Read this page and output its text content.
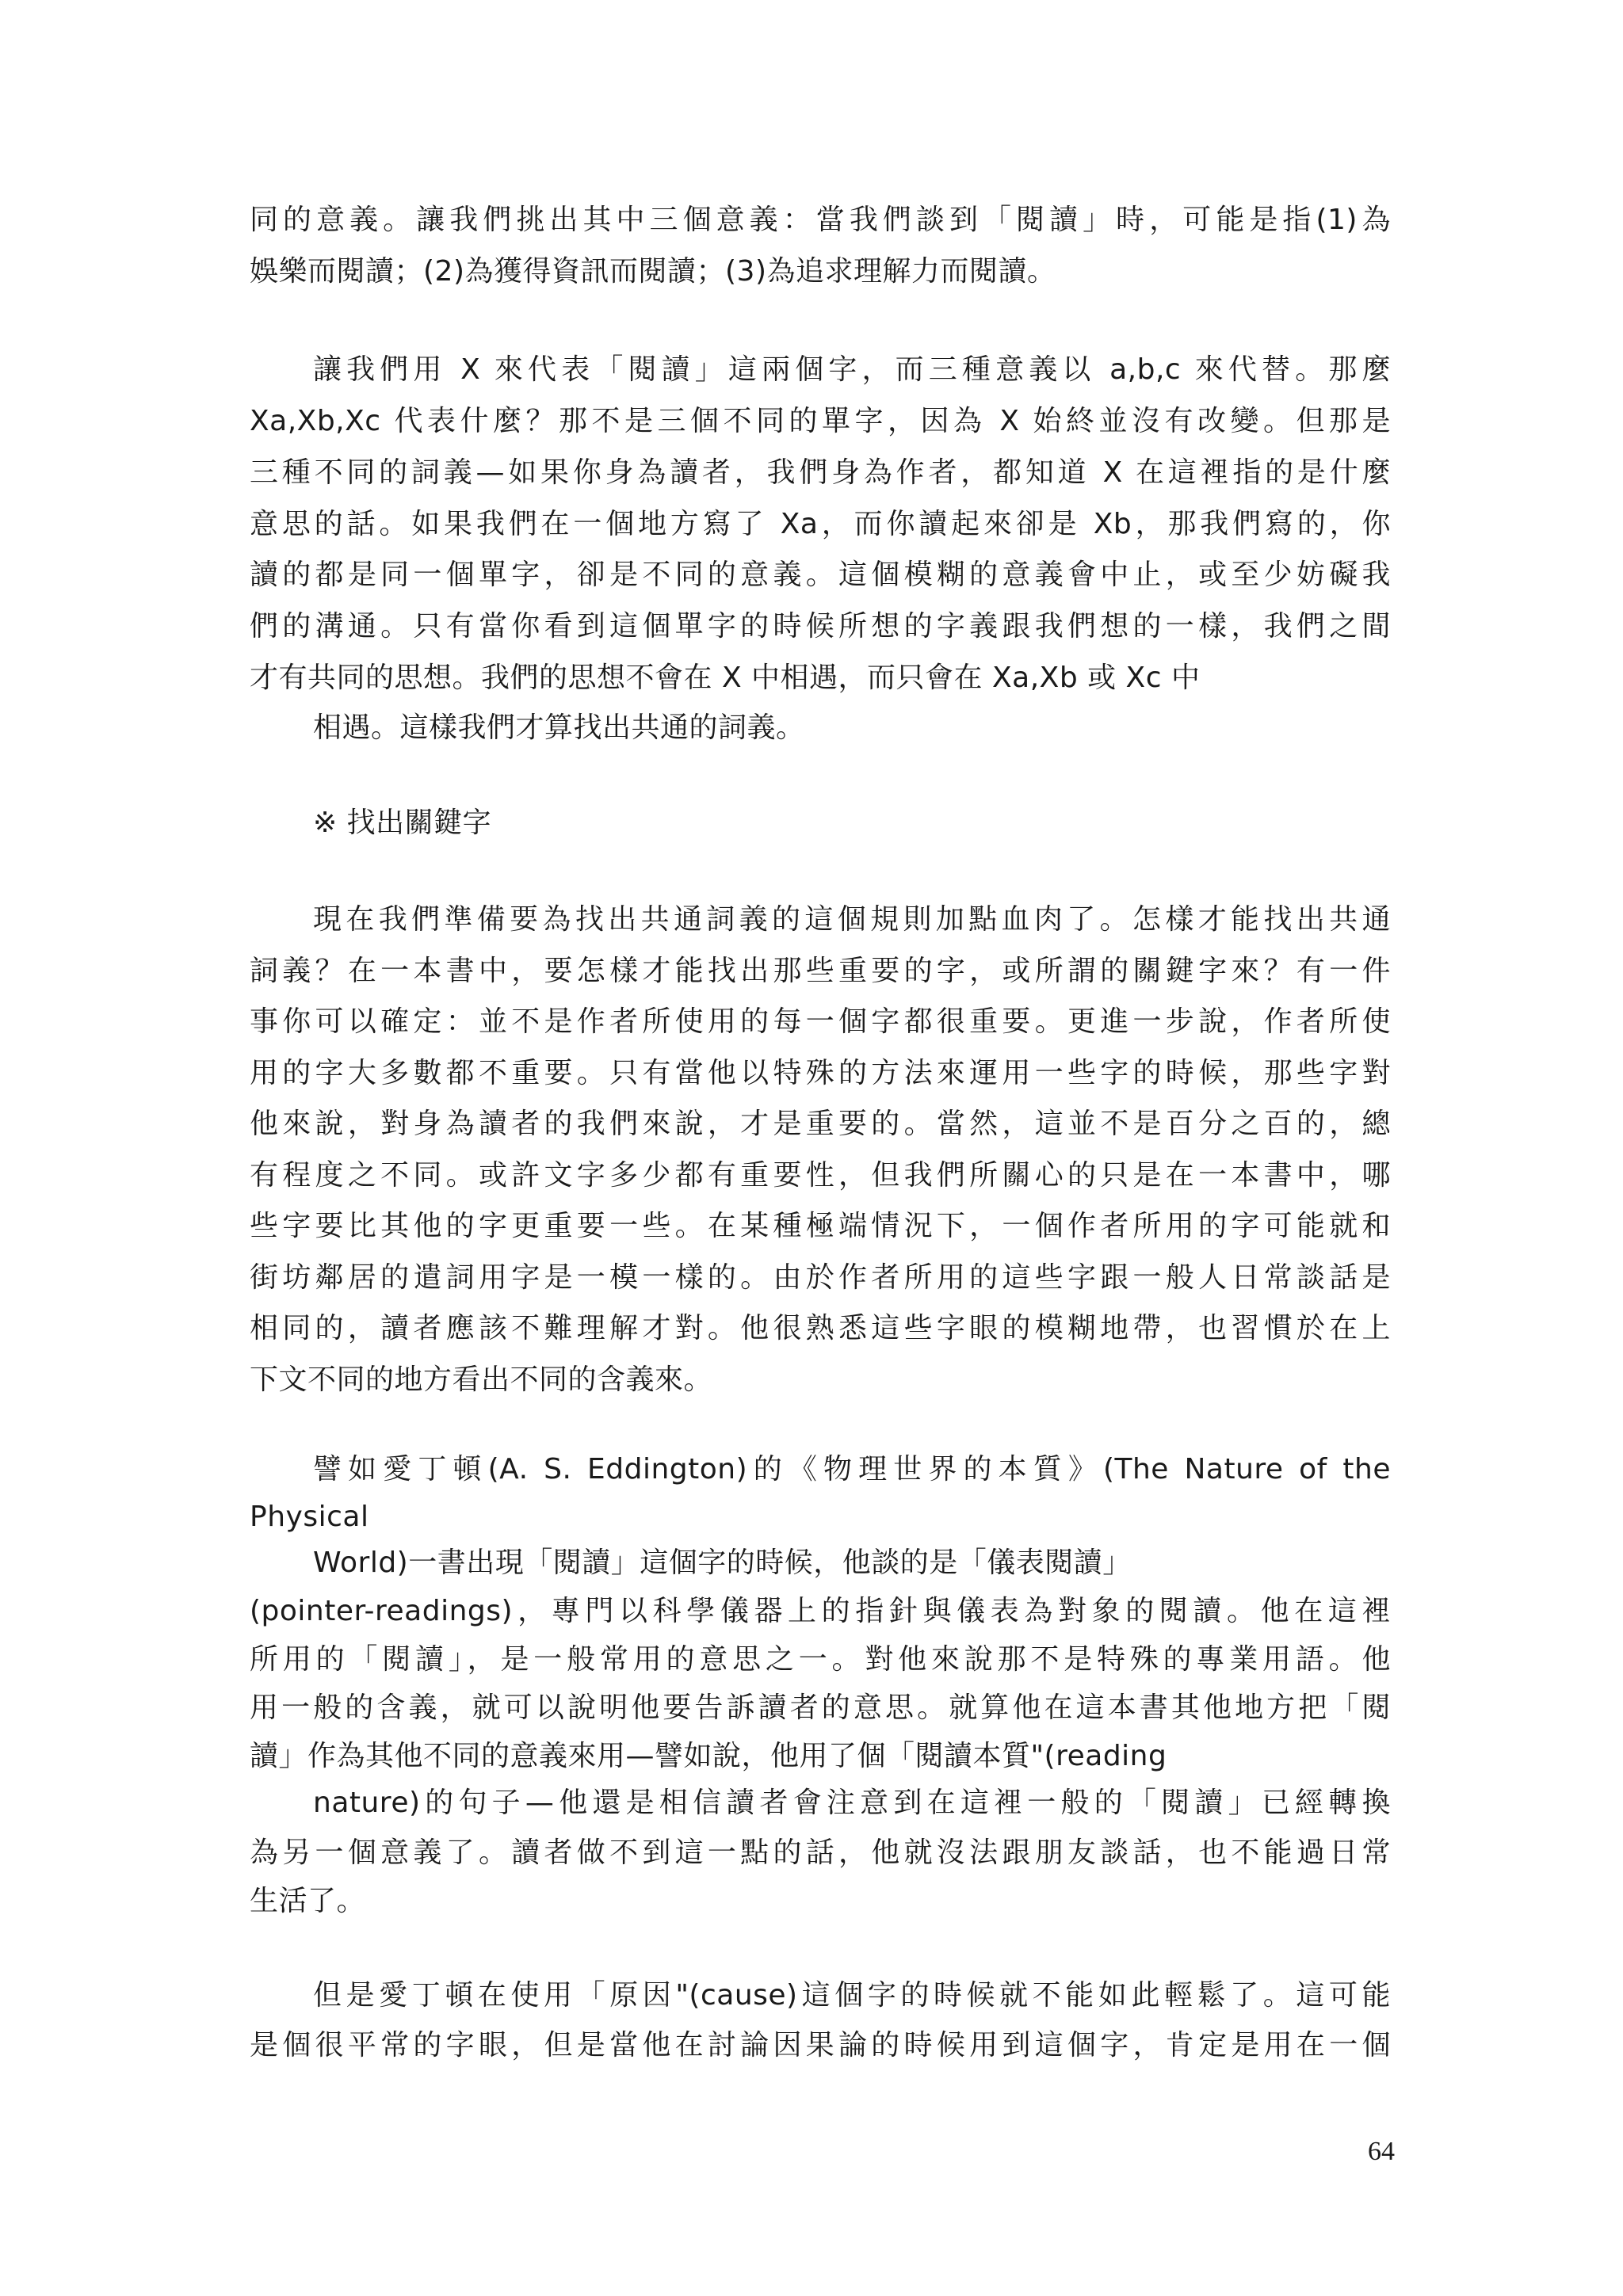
同的意義。讓我們挑出其中三個意義：當我們談到「閱讀」時，可能是指(1)為
娛樂而閱讀；(2)為獲得資訊而閱讀；(3)為追求理解力而閱讀。
讓我們用 X 來代表「閱讀」這兩個字，而三種意義以 a,b,c 來代替。那麼
Xa,Xb,Xc 代表什麼？那不是三個不同的單字，因為 X 始終並沒有改變。但那是
三種不同的詞義—如果你身為讀者，我們身為作者，都知道 X 在這裡指的是什麼
意思的話。如果我們在一個地方寫了 Xa，而你讀起來卻是 Xb，那我們寫的，你
讀的都是同一個單字，卻是不同的意義。這個模糊的意義會中止，或至少妨礙我
們的溝通。只有當你看到這個單字的時候所想的字義跟我們想的一樣，我們之間
才有共同的思想。我們的思想不會在 X 中相遇，而只會在 Xa,Xb 或 Xc 中
相遇。這樣我們才算找出共通的詞義。
※ 找出關鍵字
現在我們準備要為找出共通詞義的這個規則加點血肉了。怎樣才能找出共通
詞義？在一本書中，要怎樣才能找出那些重要的字，或所謂的關鍵字來？有一件
事你可以確定：並不是作者所使用的每一個字都很重要。更進一步說，作者所使
用的字大多數都不重要。只有當他以特殊的方法來運用一些字的時候，那些字對
他來說，對身為讀者的我們來說，才是重要的。當然，這並不是百分之百的，總
有程度之不同。或許文字多少都有重要性，但我們所關心的只是在一本書中，哪
些字要比其他的字更重要一些。在某種極端情況下，一個作者所用的字可能就和
街坊鄰居的遣詞用字是一模一樣的。由於作者所用的這些字跟一般人日常談話是
相同的，讀者應該不難理解才對。他很熟悉這些字眼的模糊地帶，也習慣於在上
下文不同的地方看出不同的含義來。
譬如愛丁頓(A. S. Eddington)的《物理世界的本質》(The Nature of the
Physical
World)一書出現「閱讀」這個字的時候，他談的是「儀表閱讀」
(pointer-readings)，專門以科學儀器上的指針與儀表為對象的閱讀。他在這裡
所用的「閱讀」，是一般常用的意思之一。對他來說那不是特殊的專業用語。他
用一般的含義，就可以說明他要告訴讀者的意思。就算他在這本書其他地方把「閱
讀」作為其他不同的意義來用—譬如說，他用了個「閱讀本質"(reading
nature)的句子—他還是相信讀者會注意到在這裡一般的「閱讀」已經轉換
為另一個意義了。讀者做不到這一點的話，他就沒法跟朋友談話，也不能過日常
生活了。
但是愛丁頓在使用「原因"(cause)這個字的時候就不能如此輕鬆了。這可能
是個很平常的字眼，但是當他在討論因果論的時候用到這個字，肯定是用在一個
64
